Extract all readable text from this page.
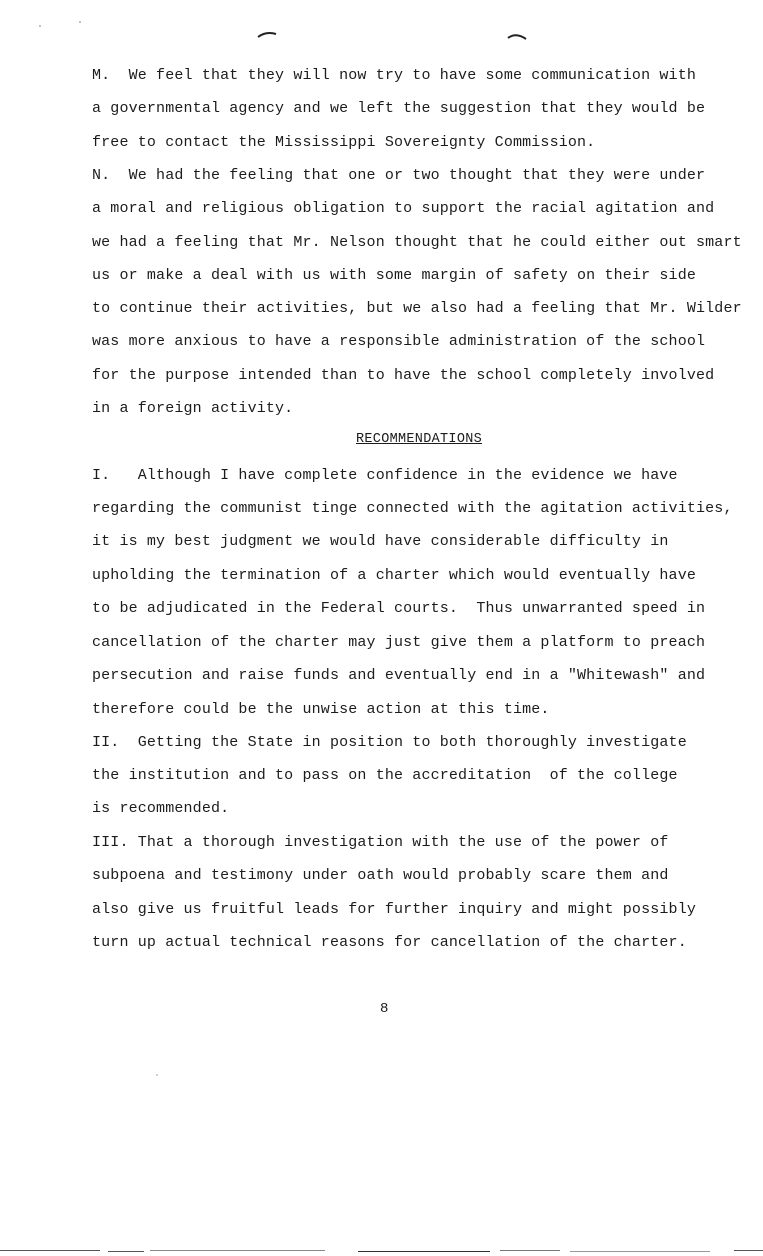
M.  We feel that they will now try to have some communication with
a governmental agency and we left the suggestion that they would be
free to contact the Mississippi Sovereignty Commission.
N.  We had the feeling that one or two thought that they were under
a moral and religious obligation to support the racial agitation and
we had a feeling that Mr. Nelson thought that he could either out smart
us or make a deal with us with some margin of safety on their side
to continue their activities, but we also had a feeling that Mr. Wilder
was more anxious to have a responsible administration of the school
for the purpose intended than to have the school completely involved
in a foreign activity.
RECOMMENDATIONS
I.   Although I have complete confidence in the evidence we have
regarding the communist tinge connected with the agitation activities,
it is my best judgment we would have considerable difficulty in
upholding the termination of a charter which would eventually have
to be adjudicated in the Federal courts.  Thus unwarranted speed in
cancellation of the charter may just give them a platform to preach
persecution and raise funds and eventually end in a "Whitewash" and
therefore could be the unwise action at this time.
II.  Getting the State in position to both thoroughly investigate
the institution and to pass on the accreditation  of the college
is recommended.
III. That a thorough investigation with the use of the power of
subpoena and testimony under oath would probably scare them and
also give us fruitful leads for further inquiry and might possibly
turn up actual technical reasons for cancellation of the charter.
8
